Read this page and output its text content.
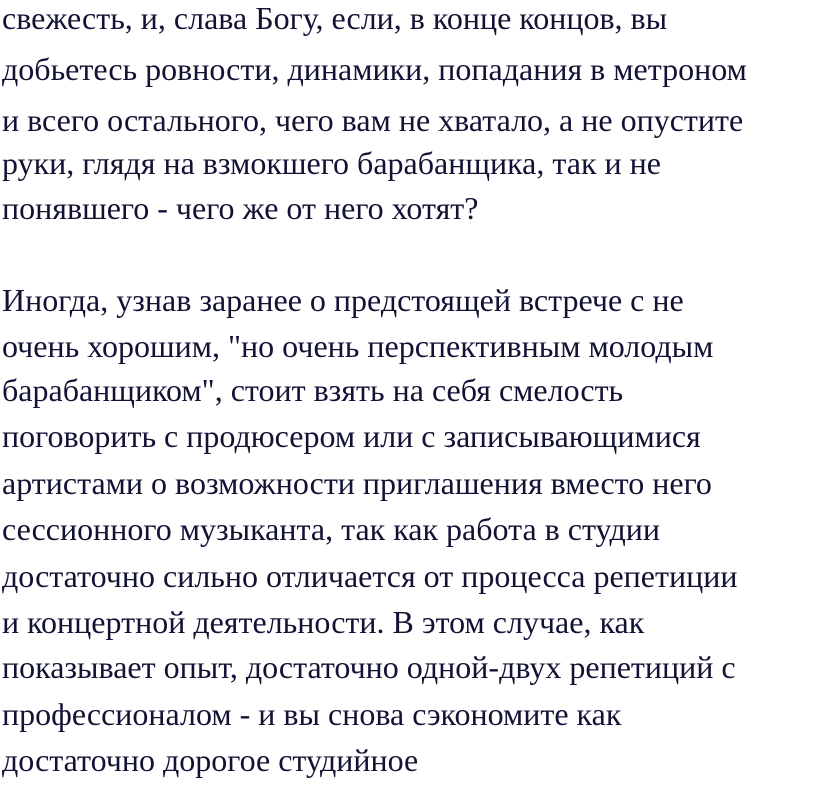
свежесть, и, слава Богу, если, в конце концов, вы
добьетесь ровности, динамики, попадания в метроном
и всего остального, чего вам не хватало, а не опустите
руки, глядя на взмокшего барабанщика, так и не
понявшего - чего же от него хотят?
Иногда, узнав заранее о предстоящей встрече с не
очень хорошим, "но очень перспективным молодым
барабанщиком", стоит взять на себя смелость
поговорить с продюсером или с записывающимися
артистами о возможности приглашения вместо него
сессионного музыканта, так как работа в студии
достаточно сильно отличается от процесса репетиции
и концертной деятельности. В этом случае, как
показывает опыт, достаточно одной-двух репетиций с
профессионалом - и вы снова сэкономите как
достаточно дорогое студийное
